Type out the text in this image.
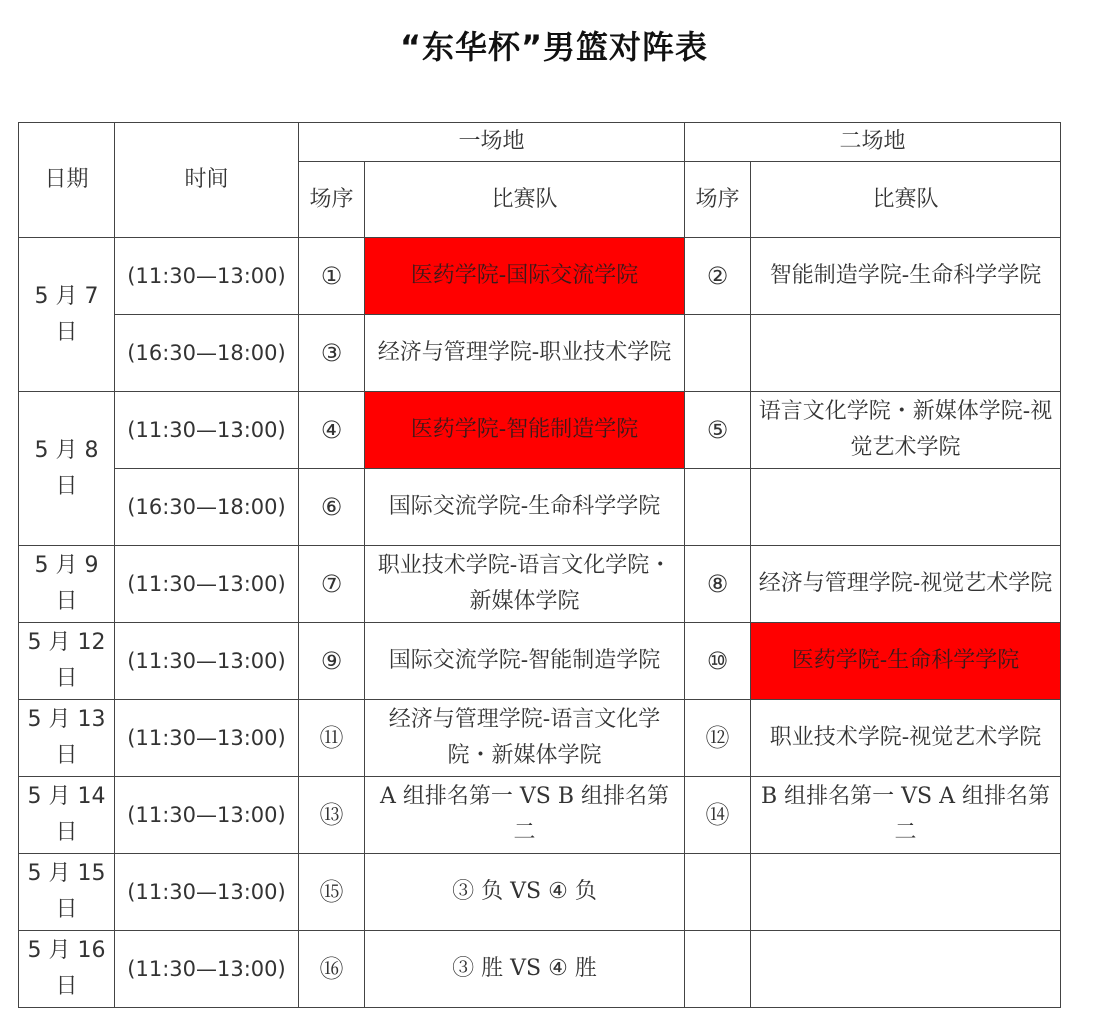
“东华杯”男篮对阵表
日期	时间	一场地		二场地	
		场序	比赛队	场序	比赛队
5 月 7 日	(11:30—13:00)	①	医药学院-国际交流学院	②	智能制造学院-生命科学学院
	(16:30—18:00)	③	经济与管理学院-职业技术学院		
5 月 8 日	(11:30—13:00)	④	医药学院-智能制造学院	⑤	语言文化学院・新媒体学院-视觉艺术学院
	(16:30—18:00)	⑥	国际交流学院-生命科学学院		
5 月 9 日	(11:30—13:00)	⑦	职业技术学院-语言文化学院・新媒体学院	⑧	经济与管理学院-视觉艺术学院
5 月 12 日	(11:30—13:00)	⑨	国际交流学院-智能制造学院	⑩	医药学院-生命科学学院
5 月 13 日	(11:30—13:00)	⑪	经济与管理学院-语言文化学院・新媒体学院	⑫	职业技术学院-视觉艺术学院
5 月 14 日	(11:30—13:00)	⑬	A 组排名第一 VS B 组排名第二	⑭	B 组排名第一 VS A 组排名第二
5 月 15 日	(11:30—13:00)	⑮	③ 负 VS ④ 负		
5 月 16 日	(11:30—13:00)	⑯	③ 胜 VS ④ 胜		
